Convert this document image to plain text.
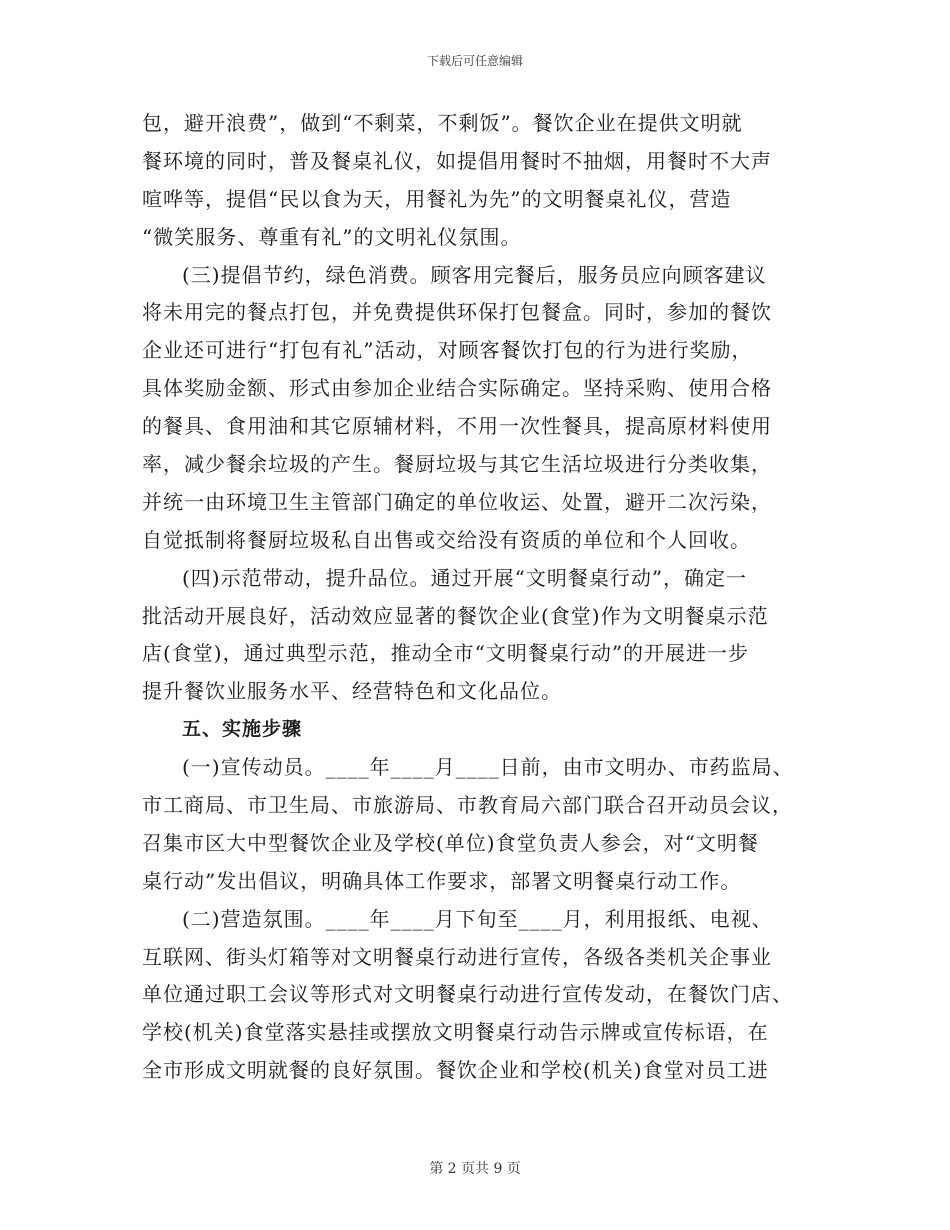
下载后可任意编辑
包，避开浪费”，做到“不剩菜，不剩饭”。餐饮企业在提供文明就
餐环境的同时，普及餐桌礼仪，如提倡用餐时不抽烟，用餐时不大声
喧哗等，提倡“民以食为天，用餐礼为先”的文明餐桌礼仪，营造
“微笑服务、尊重有礼”的文明礼仪氛围。
(三)提倡节约，绿色消费。顾客用完餐后，服务员应向顾客建议
将未用完的餐点打包，并免费提供环保打包餐盒。同时，参加的餐饮
企业还可进行“打包有礼”活动，对顾客餐饮打包的行为进行奖励，
具体奖励金额、形式由参加企业结合实际确定。坚持采购、使用合格
的餐具、食用油和其它原辅材料，不用一次性餐具，提高原材料使用
率，减少餐余垃圾的产生。餐厨垃圾与其它生活垃圾进行分类收集，
并统一由环境卫生主管部门确定的单位收运、处置，避开二次污染，
自觉抵制将餐厨垃圾私自出售或交给没有资质的单位和个人回收。
(四)示范带动，提升品位。通过开展“文明餐桌行动”，确定一
批活动开展良好，活动效应显著的餐饮企业(食堂)作为文明餐桌示范
店(食堂)，通过典型示范，推动全市“文明餐桌行动”的开展进一步
提升餐饮业服务水平、经营特色和文化品位。
五、实施步骤
(一)宣传动员。____年____月____日前，由市文明办、市药监局、
市工商局、市卫生局、市旅游局、市教育局六部门联合召开动员会议，
召集市区大中型餐饮企业及学校(单位)食堂负责人参会，对“文明餐
桌行动”发出倡议，明确具体工作要求，部署文明餐桌行动工作。
(二)营造氛围。____年____月下旬至____月，利用报纸、电视、
互联网、街头灯箱等对文明餐桌行动进行宣传，各级各类机关企事业
单位通过职工会议等形式对文明餐桌行动进行宣传发动，在餐饮门店、
学校(机关)食堂落实悬挂或摆放文明餐桌行动告示牌或宣传标语，在
全市形成文明就餐的良好氛围。餐饮企业和学校(机关)食堂对员工进
第 2 页共 9 页
